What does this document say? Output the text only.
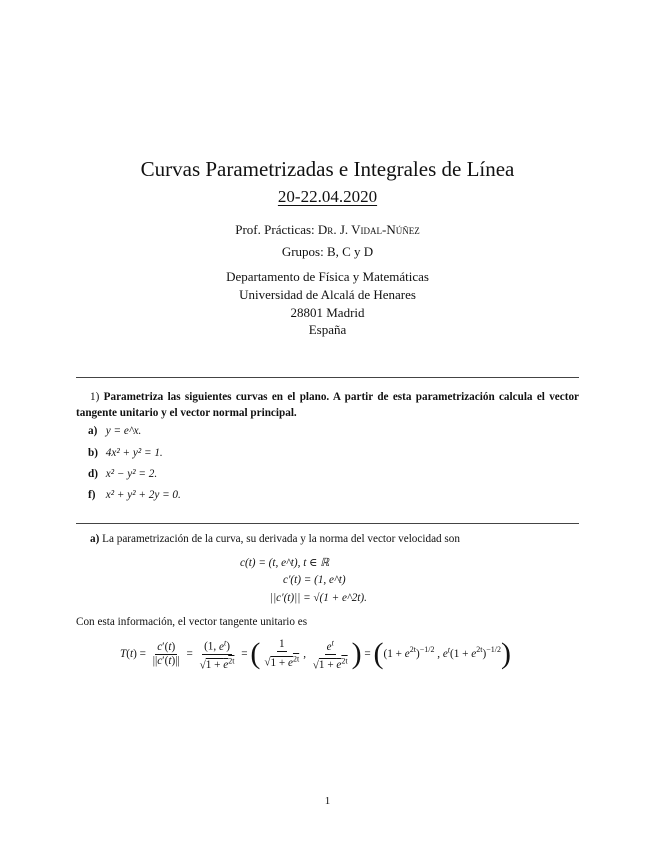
Curvas Parametrizadas e Integrales de Línea
20-22.04.2020
Prof. Prácticas: Dr. J. Vidal-Núñez
Grupos: B, C y D
Departamento de Física y Matemáticas
Universidad de Alcalá de Henares
28801 Madrid
España
1) Parametriza las siguientes curvas en el plano. A partir de esta parametrización calcula el vector tangente unitario y el vector normal principal.
a) y = e^x.
b) 4x² + y² = 1.
d) x² − y² = 2.
f) x² + y² + 2y = 0.
a) La parametrización de la curva, su derivada y la norma del vector velocidad son
c(t) = (t, e^t), t ∈ ℝ
c′(t) = (1, e^t)
||c′(t)|| = √(1 + e^2t).
Con esta información, el vector tangente unitario es
$T(t) = \frac{c'(t)}{||c'(t)||} = \frac{(1, e^t)}{√1 + e^{2t}}$ = ( $\frac{1}{√1 + e^{2t}}$ , $\frac{e^t}{√1 + e^{2t}}$ ) = ($(1 + e^{2t})^{-1/2}$ , $e^t(1 + e^{2t})^{-1/2}$)
1
